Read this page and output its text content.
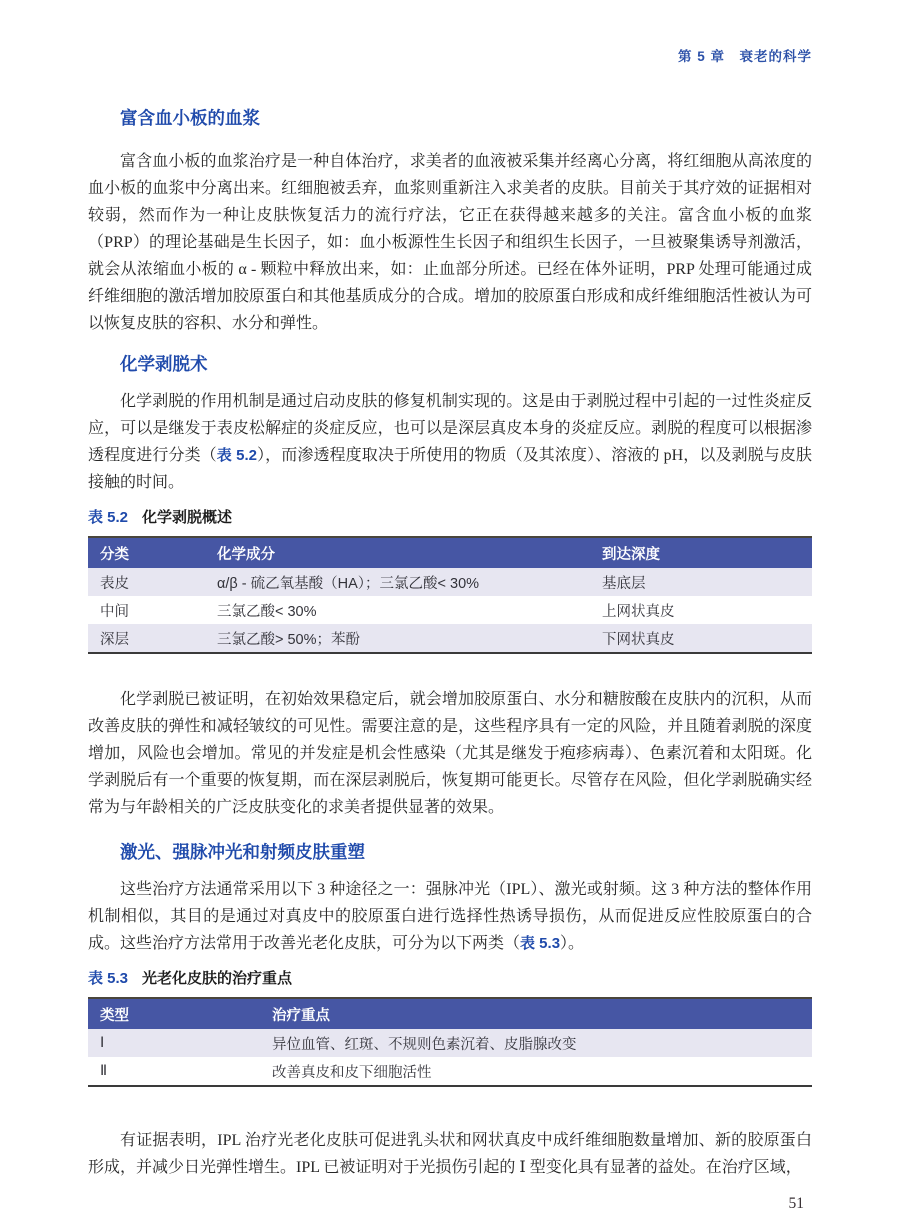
第 5 章　衰老的科学
富含血小板的血浆

富含血小板的血浆治疗是一种自体治疗，求美者的血液被采集并经离心分离，将红细胞从高浓度的血小板的血浆中分离出来。红细胞被丢弃，血浆则重新注入求美者的皮肤。目前关于其疗效的证据相对较弱，然而作为一种让皮肤恢复活力的流行疗法，它正在获得越来越多的关注。富含血小板的血浆（PRP）的理论基础是生长因子，如：血小板源性生长因子和组织生长因子，一旦被聚集诱导剂激活，就会从浓缩血小板的 α - 颗粒中释放出来，如：止血部分所述。已经在体外证明，PRP 处理可能通过成纤维细胞的激活增加胶原蛋白和其他基质成分的合成。增加的胶原蛋白形成和成纤维细胞活性被认为可以恢复皮肤的容积、水分和弹性。

化学剥脱术

化学剥脱的作用机制是通过启动皮肤的修复机制实现的。这是由于剥脱过程中引起的一过性炎症反应，可以是继发于表皮松解症的炎症反应，也可以是深层真皮本身的炎症反应。剥脱的程度可以根据渗透程度进行分类（表 5.2），而渗透程度取决于所使用的物质（及其浓度）、溶液的 pH，以及剥脱与皮肤接触的时间。

表 5.2 化学剥脱概述
分类	化学成分	到达深度
表皮	α/β - 硫乙氧基酸（HA）；三氯乙酸< 30%	基底层
中间	三氯乙酸< 30%	上网状真皮
深层	三氯乙酸> 50%；苯酚	下网状真皮

化学剥脱已被证明，在初始效果稳定后，就会增加胶原蛋白、水分和糖胺酸在皮肤内的沉积，从而改善皮肤的弹性和减轻皱纹的可见性。需要注意的是，这些程序具有一定的风险，并且随着剥脱的深度增加，风险也会增加。常见的并发症是机会性感染（尤其是继发于疱疹病毒）、色素沉着和太阳斑。化学剥脱后有一个重要的恢复期，而在深层剥脱后，恢复期可能更长。尽管存在风险，但化学剥脱确实经常为与年龄相关的广泛皮肤变化的求美者提供显著的效果。

激光、强脉冲光和射频皮肤重塑

这些治疗方法通常采用以下 3 种途径之一：强脉冲光（IPL）、激光或射频。这 3 种方法的整体作用机制相似，其目的是通过对真皮中的胶原蛋白进行选择性热诱导损伤，从而促进反应性胶原蛋白的合成。这些治疗方法常用于改善光老化皮肤，可分为以下两类（表 5.3）。

表 5.3 光老化皮肤的治疗重点
类型	治疗重点
Ⅰ	异位血管、红斑、不规则色素沉着、皮脂腺改变
Ⅱ	改善真皮和皮下细胞活性

有证据表明，IPL 治疗光老化皮肤可促进乳头状和网状真皮中成纤维细胞数量增加、新的胶原蛋白形成，并减少日光弹性增生。IPL 已被证明对于光损伤引起的 Ⅰ 型变化具有显著的益处。在治疗区域，

51
